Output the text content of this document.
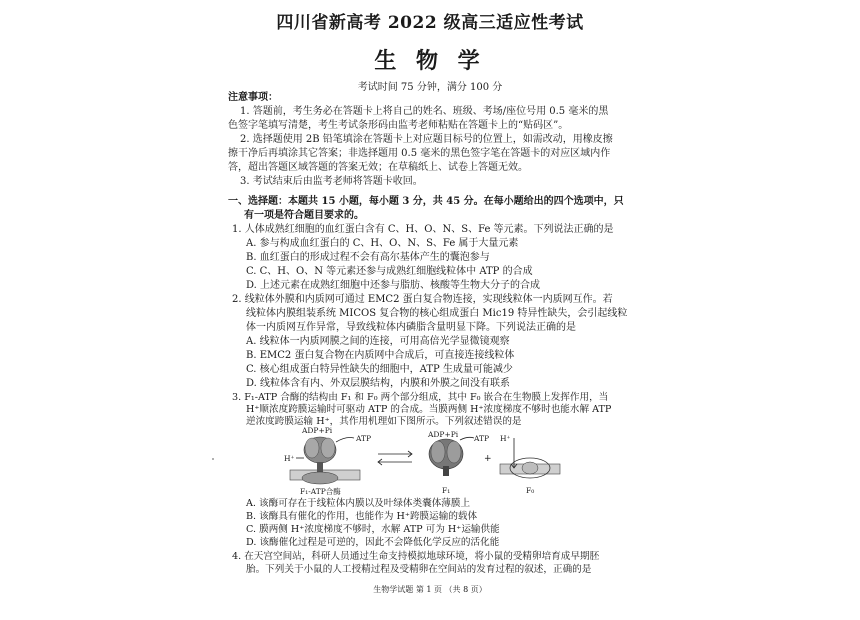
四川省新高考 2022 级高三适应性考试
生 物 学
考试时间 75 分钟，满分 100 分
注意事项：
1. 答题前，考生务必在答题卡上将自己的姓名、班级、考场/座位号用 0.5 毫米的黑
色签字笔填写清楚，考生考试条形码由监考老师粘贴在答题卡上的“贴码区”。
2. 选择题使用 2B 铅笔填涂在答题卡上对应题目标号的位置上，如需改动，用橡皮擦
擦干净后再填涂其它答案；非选择题用 0.5 毫米的黑色签字笔在答题卡的对应区域内作
答，超出答题区域答题的答案无效；在草稿纸上、试卷上答题无效。
3. 考试结束后由监考老师将答题卡收回。
一、选择题：本题共 15 小题，每小题 3 分，共 45 分。在每小题给出的四个选项中，只
有一项是符合题目要求的。
1. 人体成熟红细胞的血红蛋白含有 C、H、O、N、S、Fe 等元素。下列说法正确的是
A. 参与构成血红蛋白的 C、H、O、N、S、Fe 属于大量元素
B. 血红蛋白的形成过程不会有高尔基体产生的囊泡参与
C. C、H、O、N 等元素还参与成熟红细胞线粒体中 ATP 的合成
D. 上述元素在成熟红细胞中还参与脂肪、核酸等生物大分子的合成
2. 线粒体外膜和内质网可通过 EMC2 蛋白复合物连接，实现线粒体一内质网互作。若
线粒体内膜组装系统 MICOS 复合物的核心组成蛋白 Mic19 特异性缺失，会引起线粒
体一内质网互作异常，导致线粒体内磷脂含量明显下降。下列说法正确的是
A. 线粒体一内质网膜之间的连接，可用高倍光学显微镜观察
B. EMC2 蛋白复合物在内质网中合成后，可直接连接线粒体
C. 核心组成蛋白特异性缺失的细胞中，ATP 生成量可能减少
D. 线粒体含有内、外双层膜结构，内膜和外膜之间没有联系
3. F₁-ATP 合酶的结构由 F₁ 和 F₀ 两个部分组成，其中 F₀ 嵌合在生物膜上发挥作用，当
H⁺顺浓度跨膜运输时可驱动 ATP 的合成。当膜两侧 H⁺浓度梯度不够时也能水解 ATP
逆浓度跨膜运输 H⁺，其作用机理如下图所示。下列叙述错误的是
ADP+Pi
ATP
H⁺
F₁-ATP合酶
ADP+Pi ATP
F₁
+
H⁺
F₀
A. 该酶可存在于线粒体内膜以及叶绿体类囊体薄膜上
B. 该酶具有催化的作用，也能作为 H⁺跨膜运输的载体
C. 膜两侧 H⁺浓度梯度不够时，水解 ATP 可为 H⁺运输供能
D. 该酶催化过程是可逆的，因此不会降低化学反应的活化能
4. 在天宫空间站，科研人员通过生命支持模拟地球环境，将小鼠的受精卵培育成早期胚
胎。下列关于小鼠的人工授精过程及受精卵在空间站的发育过程的叙述，正确的是
生物学试题 第 1 页 （共 8 页）
